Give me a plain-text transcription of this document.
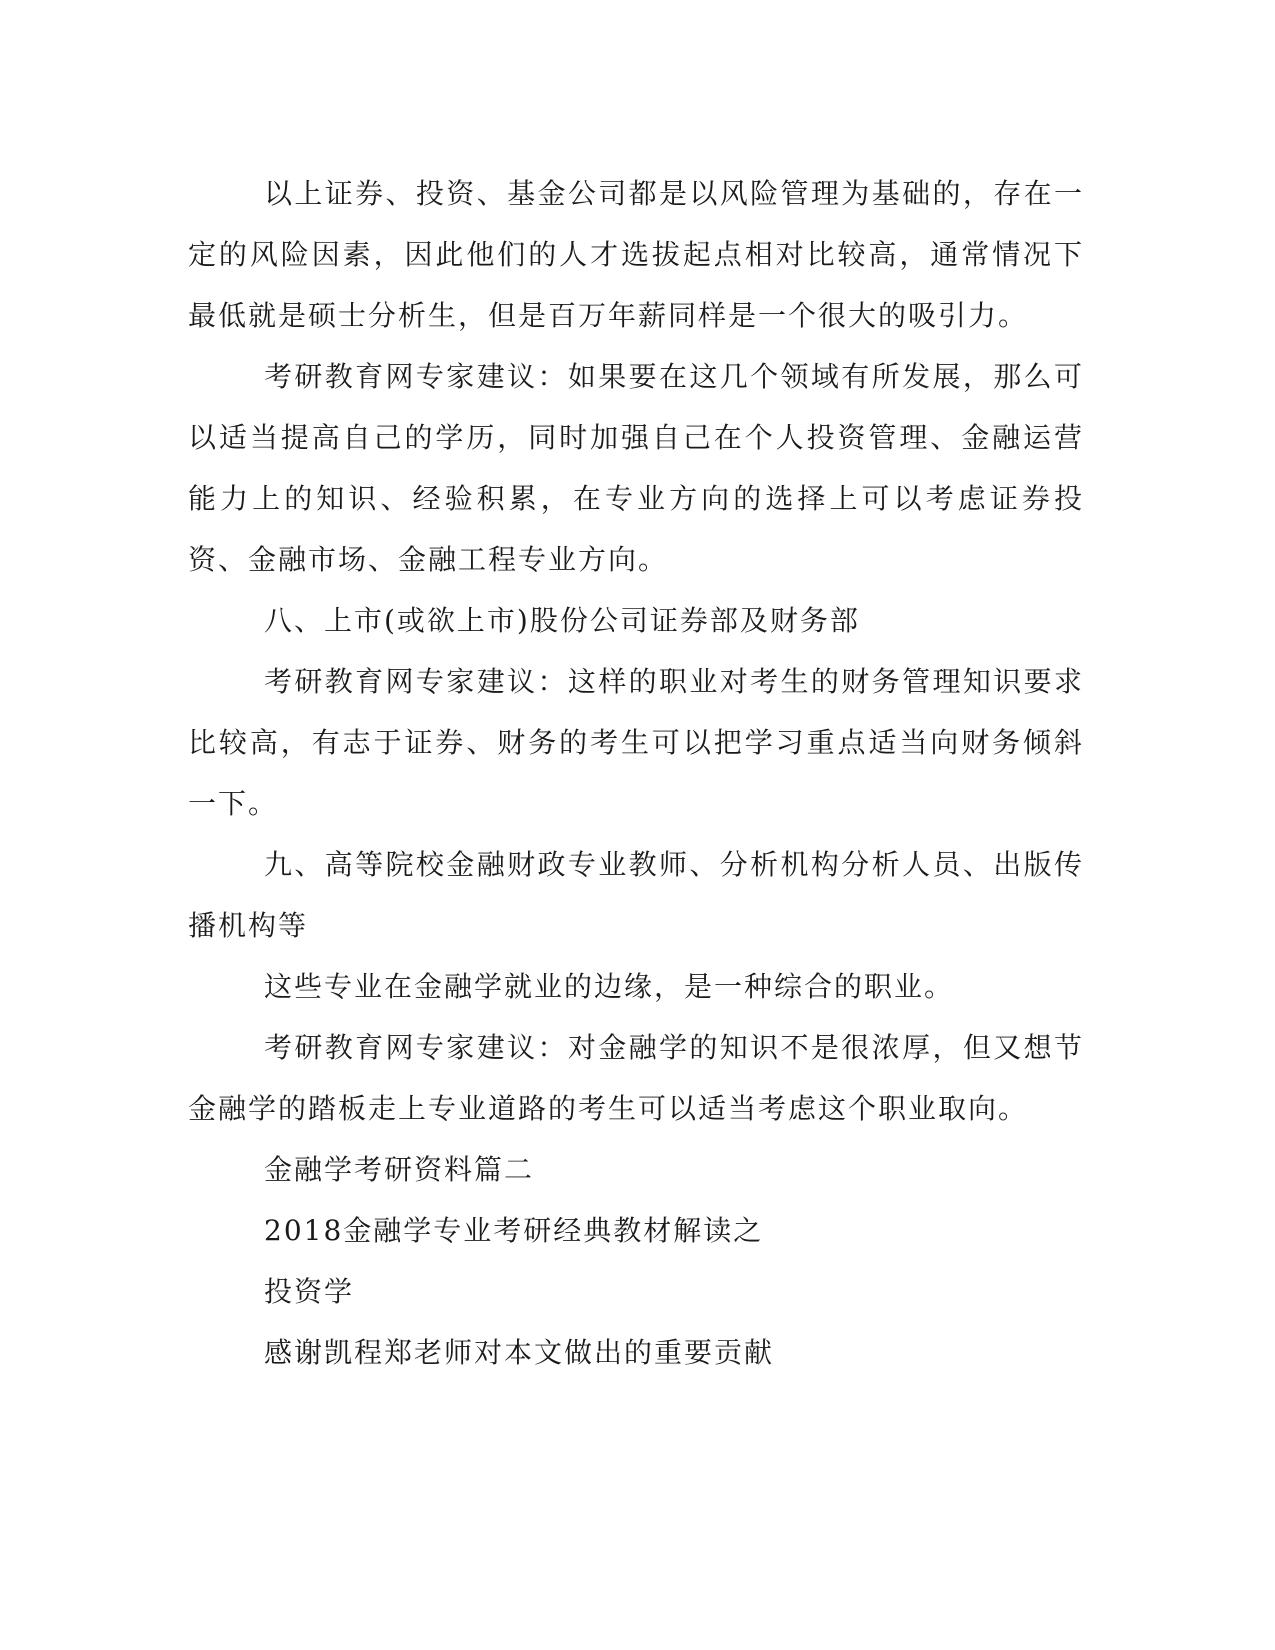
以上证券、投资、基金公司都是以风险管理为基础的，存在一定的风险因素，因此他们的人才选拔起点相对比较高，通常情况下最低就是硕士分析生，但是百万年薪同样是一个很大的吸引力。

考研教育网专家建议：如果要在这几个领域有所发展，那么可以适当提高自己的学历，同时加强自己在个人投资管理、金融运营能力上的知识、经验积累，在专业方向的选择上可以考虑证券投资、金融市场、金融工程专业方向。

八、上市(或欲上市)股份公司证券部及财务部

考研教育网专家建议：这样的职业对考生的财务管理知识要求比较高，有志于证券、财务的考生可以把学习重点适当向财务倾斜一下。

九、高等院校金融财政专业教师、分析机构分析人员、出版传播机构等

这些专业在金融学就业的边缘，是一种综合的职业。

考研教育网专家建议：对金融学的知识不是很浓厚，但又想节金融学的踏板走上专业道路的考生可以适当考虑这个职业取向。

金融学考研资料篇二

2018金融学专业考研经典教材解读之

投资学

感谢凯程郑老师对本文做出的重要贡献
